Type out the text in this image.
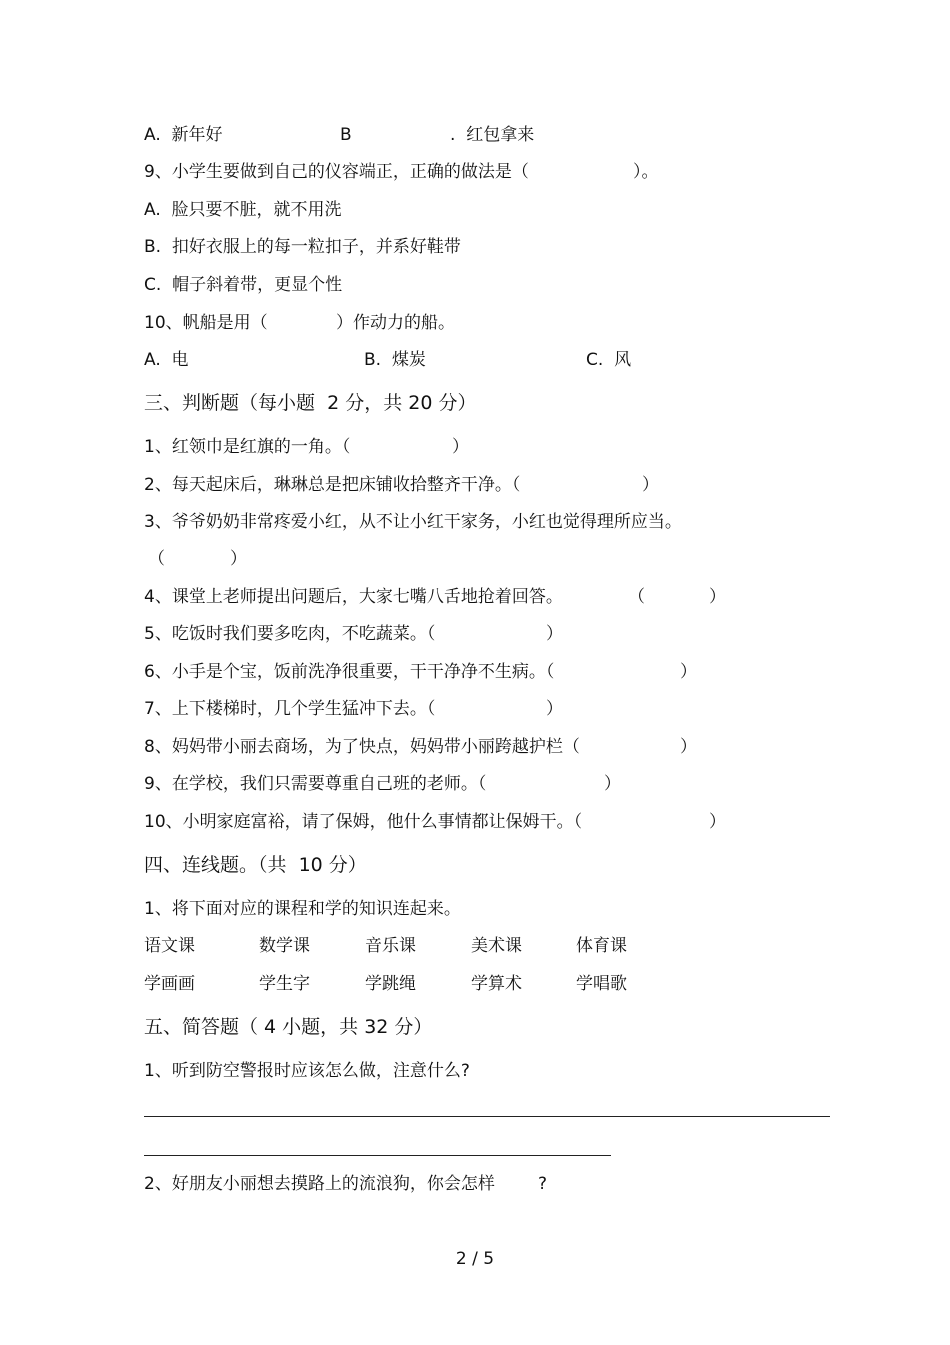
A.  新年好	B	.  红包拿来
9、小学生要做到自己的仪容端正，正确的做法是（	）。
A.  脸只要不脏，就不用洗
B.  扣好衣服上的每一粒扣子，并系好鞋带
C.  帽子斜着带，更显个性
10、帆船是用（	）作动力的船。
A.  电	B.  煤炭	C.  风
三、判断题（每小题  2 分，共 20 分）
1、红领巾是红旗的一角。（	）
2、每天起床后，琳琳总是把床铺收拾整齐干净。（	）
3、爷爷奶奶非常疼爱小红，从不让小红干家务，小红也觉得理所应当。
（	）
4、课堂上老师提出问题后，大家七嘴八舌地抢着回答。	（	）
5、吃饭时我们要多吃肉，不吃蔬菜。（	）
6、小手是个宝，饭前洗净很重要，干干净净不生病。（	）
7、上下楼梯时，几个学生猛冲下去。（	）
8、妈妈带小丽去商场，为了快点，妈妈带小丽跨越护栏（	）
9、在学校，我们只需要尊重自己班的老师。（	）
10、小明家庭富裕，请了保姆，他什么事情都让保姆干。（	）
四、连线题。（共  10 分）
1、将下面对应的课程和学的知识连起来。
语文课	数学课	音乐课	美术课	体育课
学画画	学生字	学跳绳	学算术	学唱歌
五、简答题（ 4 小题，共 32 分）
1、听到防空警报时应该怎么做，注意什么?
2、好朋友小丽想去摸路上的流浪狗，你会怎样	?
2 / 5
